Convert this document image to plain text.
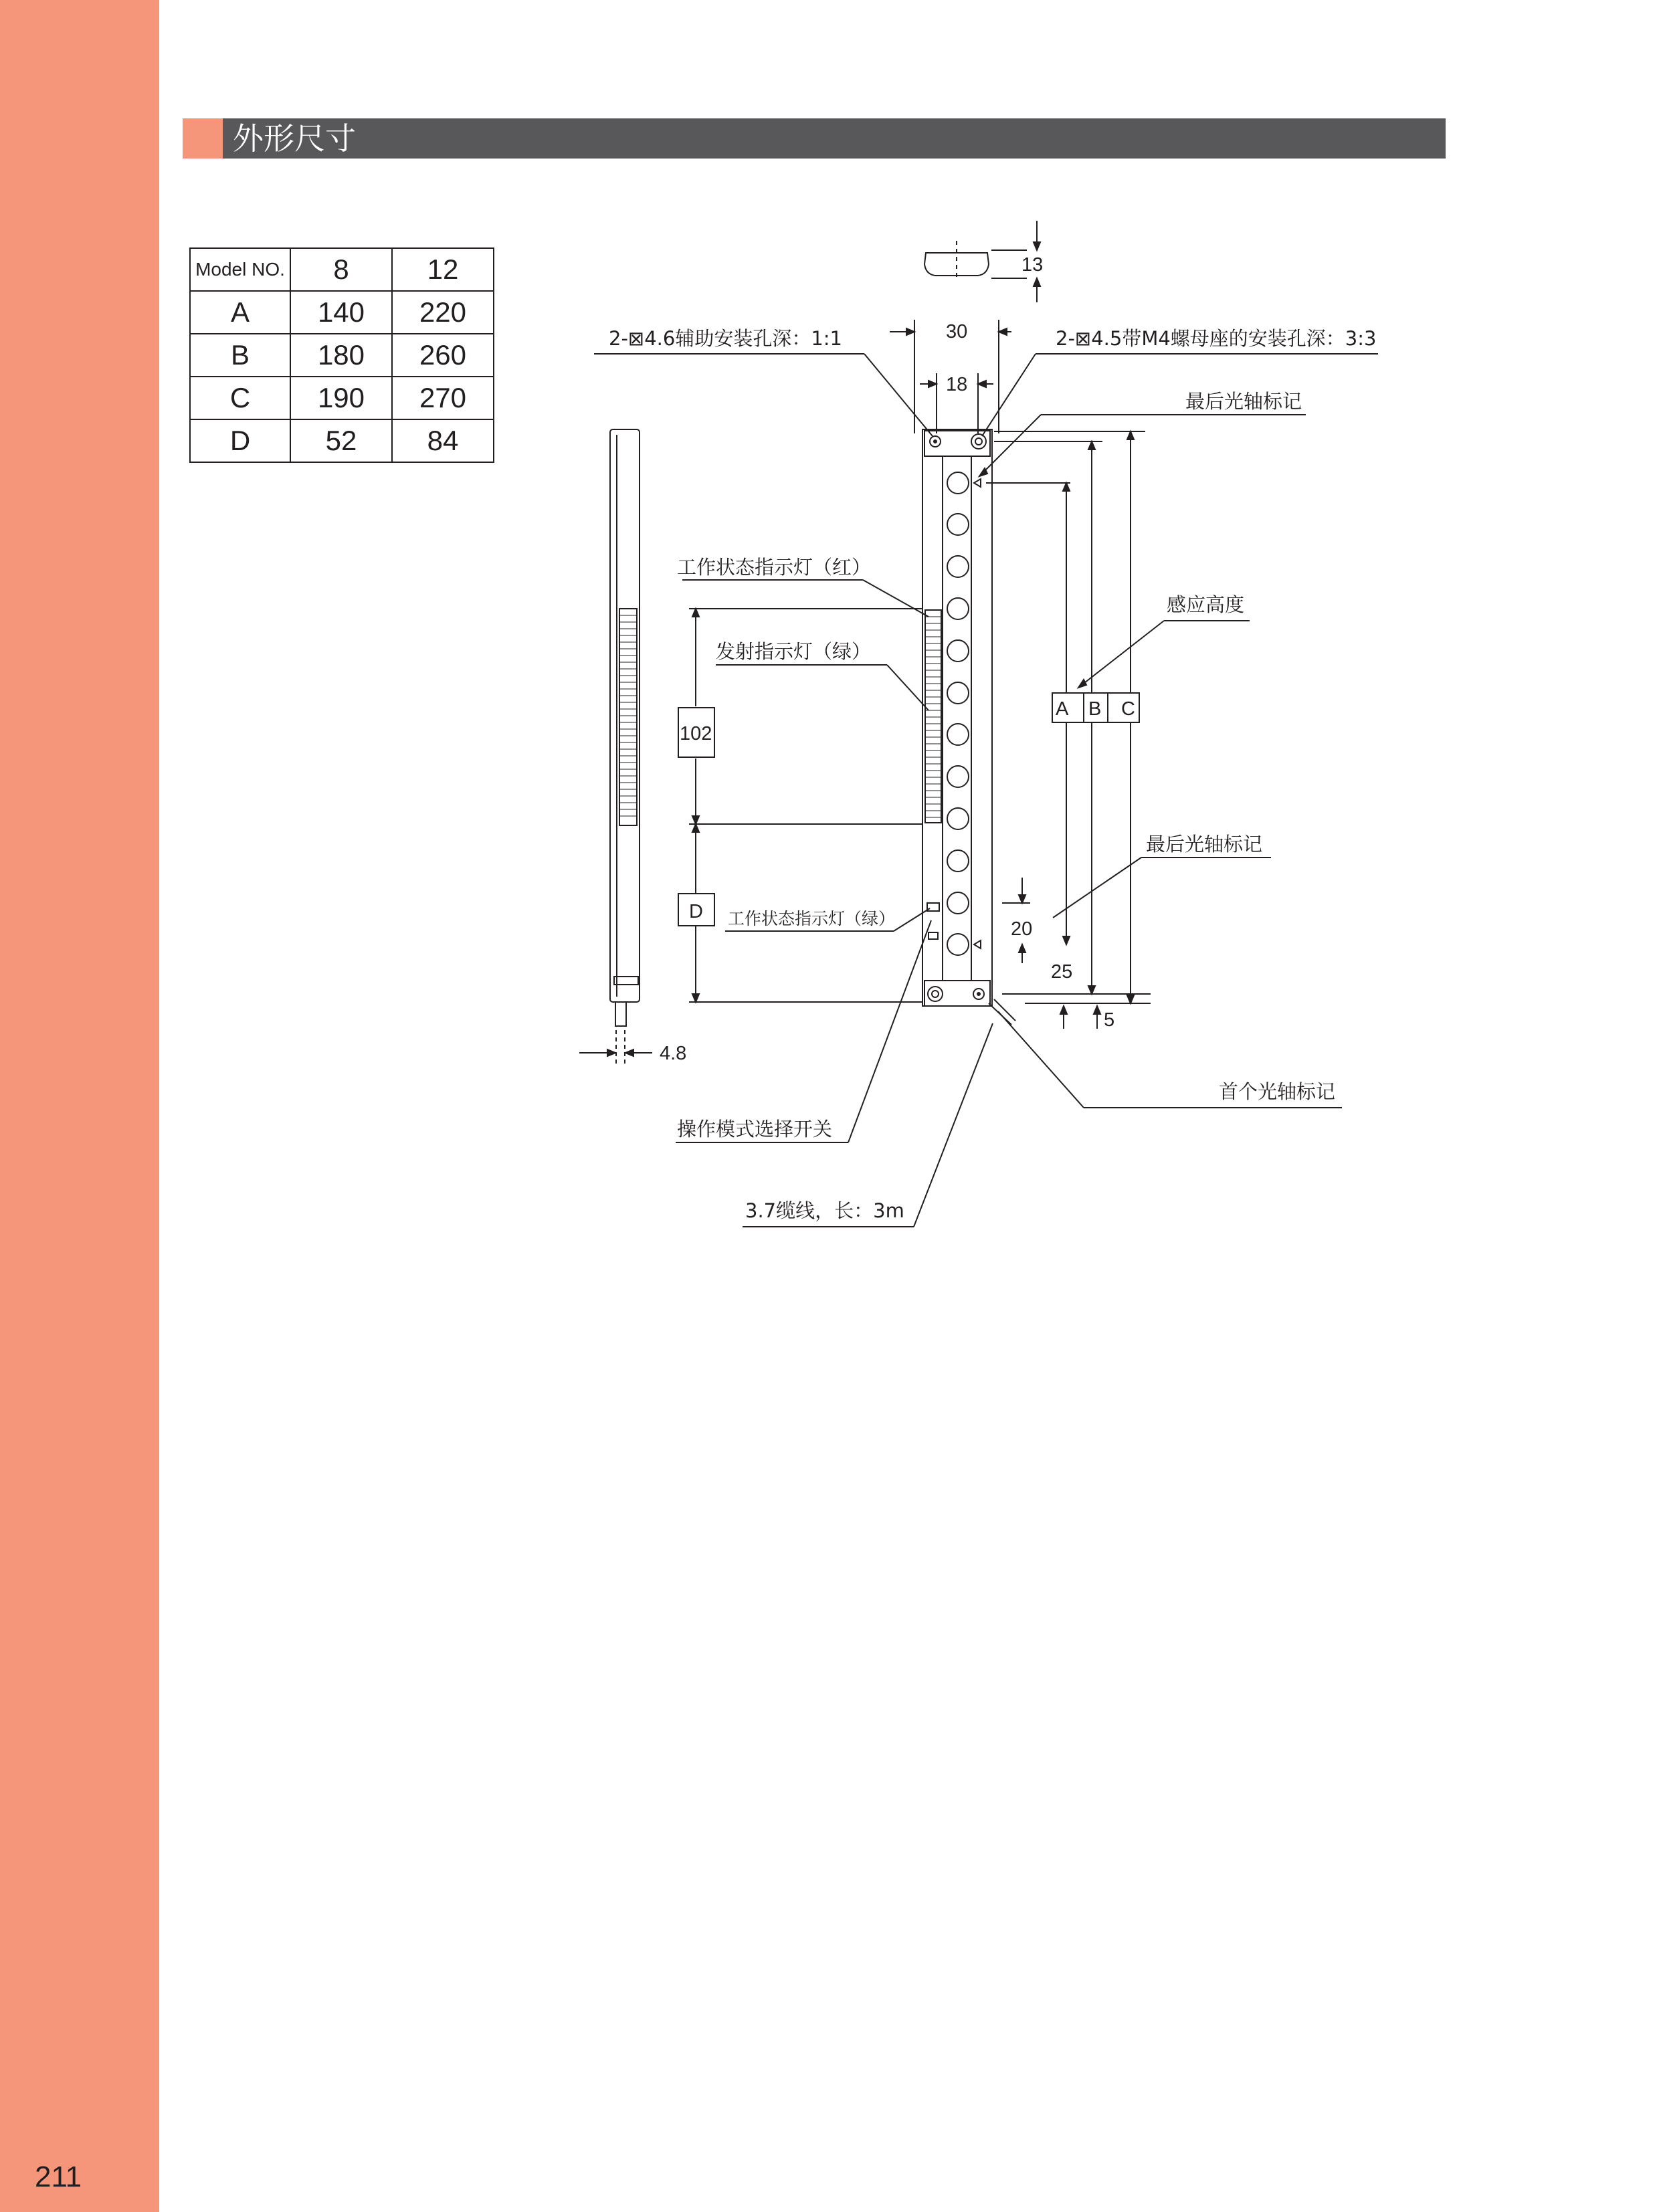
211
外形尺寸
Model NO.	8	12
A	140	220
B	180	260
C	190	270
D	52	84
13
30
18
4.8
2-⊠4.6辅助安装孔深：1:1	2-⊠4.5带M4螺母座的安装孔深：3:3
最后光轴标记
A B C
感应高度
最后光轴标记
20
25
5
首个光轴标记
工作状态指示灯（红）
发射指示灯（绿）
102
D 工作状态指示灯（绿）
操作模式选择开关
3.7缆线，长：3m
